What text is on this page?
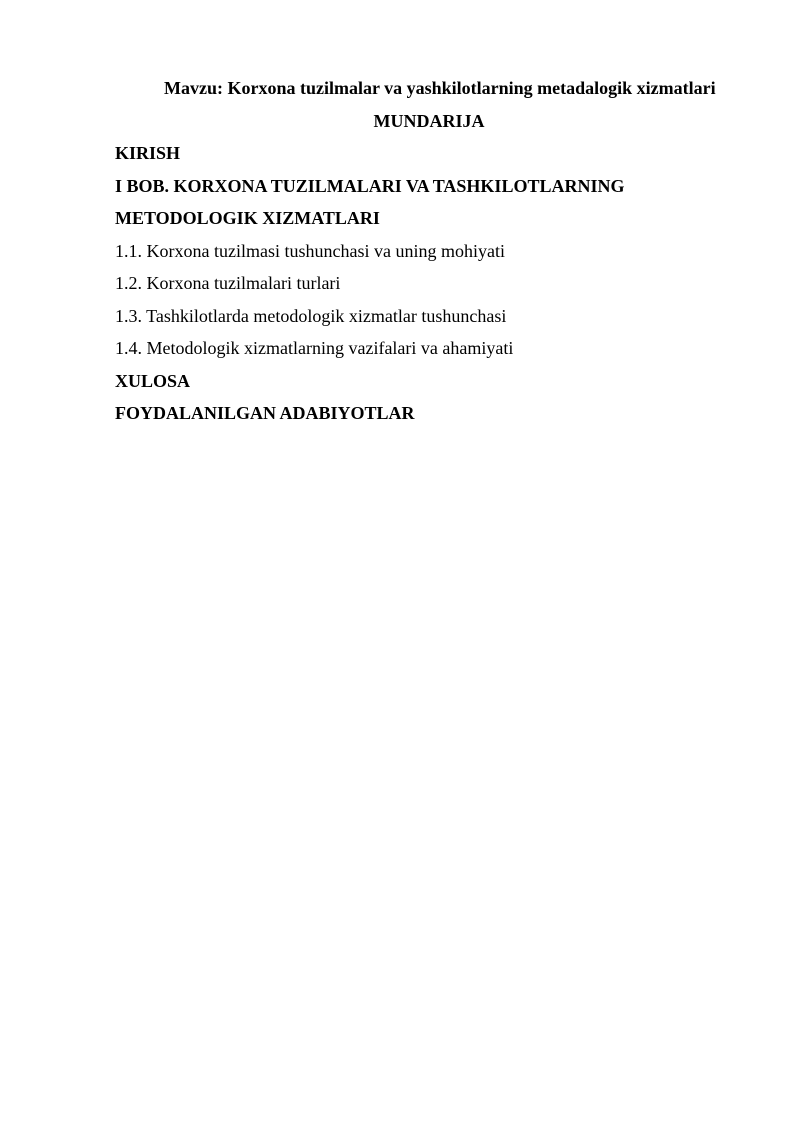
Mavzu: Korxona tuzilmalar va yashkilotlarning metadalogik xizmatlari
MUNDARIJA
KIRISH
I BOB. KORXONA TUZILMALARI VA TASHKILOTLARNING
METODOLOGIK XIZMATLARI
1.1. Korxona tuzilmasi tushunchasi va uning mohiyati
1.2. Korxona tuzilmalari turlari
1.3. Tashkilotlarda metodologik xizmatlar tushunchasi
1.4. Metodologik xizmatlarning vazifalari va ahamiyati
XULOSA
FOYDALANILGAN ADABIYOTLAR
